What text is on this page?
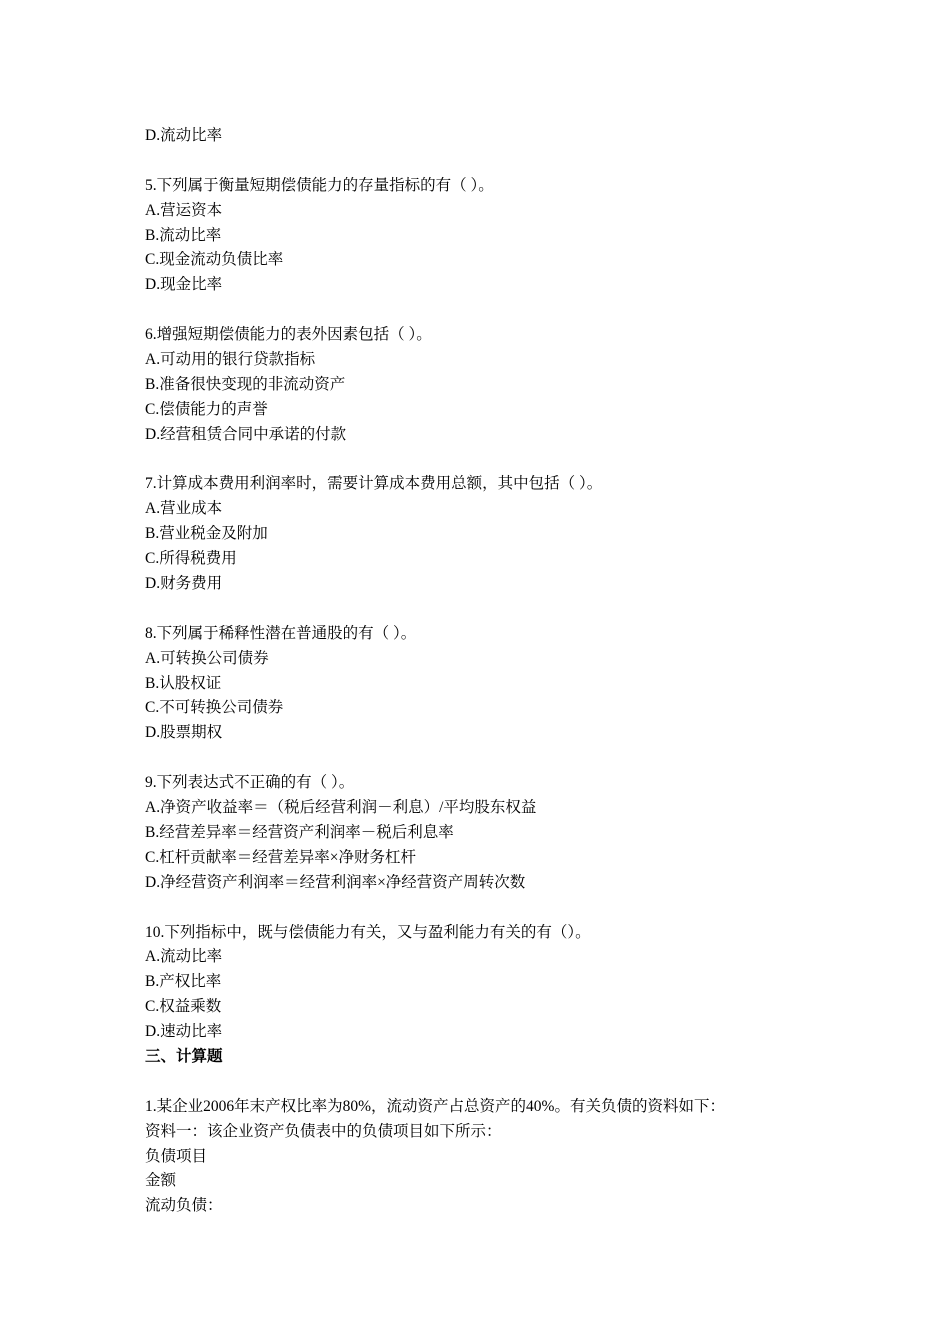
D.流动比率
5.下列属于衡量短期偿债能力的存量指标的有（ ）。
A.营运资本
B.流动比率
C.现金流动负债比率
D.现金比率
6.增强短期偿债能力的表外因素包括（ ）。
A.可动用的银行贷款指标
B.准备很快变现的非流动资产
C.偿债能力的声誉
D.经营租赁合同中承诺的付款
7.计算成本费用利润率时，需要计算成本费用总额，其中包括（ ）。
A.营业成本
B.营业税金及附加
C.所得税费用
D.财务费用
8.下列属于稀释性潜在普通股的有（ ）。
A.可转换公司债券
B.认股权证
C.不可转换公司债券
D.股票期权
9.下列表达式不正确的有（ ）。
A.净资产收益率＝（税后经营利润－利息）/平均股东权益
B.经营差异率＝经营资产利润率－税后利息率
C.杠杆贡献率＝经营差异率×净财务杠杆
D.净经营资产利润率＝经营利润率×净经营资产周转次数
10.下列指标中，既与偿债能力有关，又与盈利能力有关的有（）。
A.流动比率
B.产权比率
C.权益乘数
D.速动比率
三、计算题
1.某企业2006年末产权比率为80%，流动资产占总资产的40%。有关负债的资料如下：
资料一：该企业资产负债表中的负债项目如下所示：
负债项目
金额
流动负债：
